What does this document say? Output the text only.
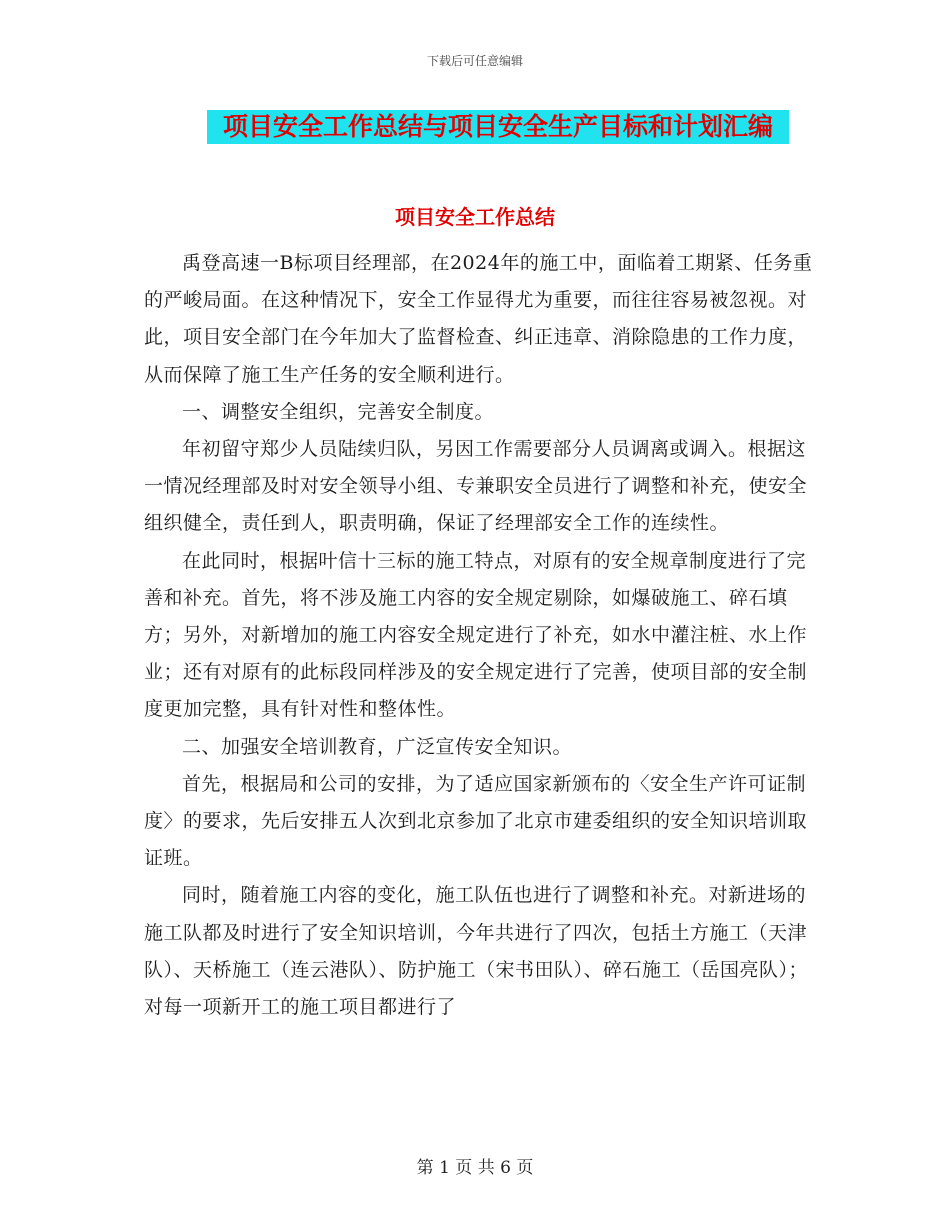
下载后可任意编辑
项目安全工作总结与项目安全生产目标和计划汇编
项目安全工作总结

禹登高速一B标项目经理部，在2024年的施工中，面临着工期紧、任务重的严峻局面。在这种情况下，安全工作显得尤为重要，而往往容易被忽视。对此，项目安全部门在今年加大了监督检查、纠正违章、消除隐患的工作力度，从而保障了施工生产任务的安全顺利进行。

一、调整安全组织，完善安全制度。

年初留守郑少人员陆续归队，另因工作需要部分人员调离或调入。根据这一情况经理部及时对安全领导小组、专兼职安全员进行了调整和补充，使安全组织健全，责任到人，职责明确，保证了经理部安全工作的连续性。

在此同时，根据叶信十三标的施工特点，对原有的安全规章制度进行了完善和补充。首先，将不涉及施工内容的安全规定剔除，如爆破施工、碎石填方；另外，对新增加的施工内容安全规定进行了补充，如水中灌注桩、水上作业；还有对原有的此标段同样涉及的安全规定进行了完善，使项目部的安全制度更加完整，具有针对性和整体性。

二、加强安全培训教育，广泛宣传安全知识。

首先，根据局和公司的安排，为了适应国家新颁布的〈安全生产许可证制度〉的要求，先后安排五人次到北京参加了北京市建委组织的安全知识培训取证班。

同时，随着施工内容的变化，施工队伍也进行了调整和补充。对新进场的施工队都及时进行了安全知识培训，今年共进行了四次，包括土方施工（天津队）、天桥施工（连云港队）、防护施工（宋书田队）、碎石施工（岳国亮队）；对每一项新开工的施工项目都进行了

第 1 页 共 6 页
